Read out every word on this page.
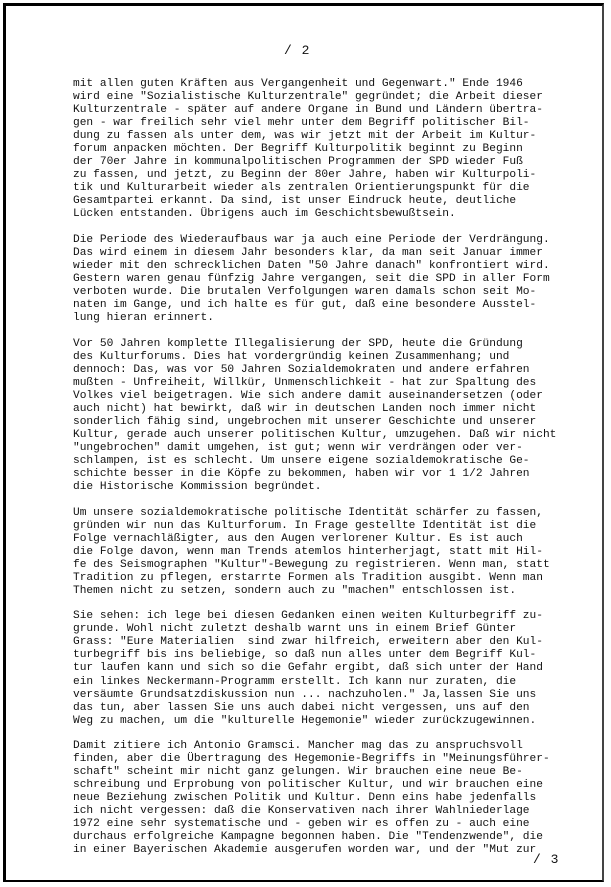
/ 2

mit allen guten Kräften aus Vergangenheit und Gegenwart." Ende 1946
wird eine "Sozialistische Kulturzentrale" gegründet; die Arbeit dieser
Kulturzentrale - später auf andere Organe in Bund und Ländern übertra-
gen - war freilich sehr viel mehr unter dem Begriff politischer Bil-
dung zu fassen als unter dem, was wir jetzt mit der Arbeit im Kultur-
forum anpacken möchten. Der Begriff Kulturpolitik beginnt zu Beginn
der 70er Jahre in kommunalpolitischen Programmen der SPD wieder Fuß
zu fassen, und jetzt, zu Beginn der 80er Jahre, haben wir Kulturpoli-
tik und Kulturarbeit wieder als zentralen Orientierungspunkt für die
Gesamtpartei erkannt. Da sind, ist unser Eindruck heute, deutliche
Lücken entstanden. Übrigens auch im Geschichtsbewußtsein.

Die Periode des Wiederaufbaus war ja auch eine Periode der Verdrängung.
Das wird einem in diesem Jahr besonders klar, da man seit Januar immer
wieder mit den schrecklichen Daten "50 Jahre danach" konfrontiert wird.
Gestern waren genau fünfzig Jahre vergangen, seit die SPD in aller Form
verboten wurde. Die brutalen Verfolgungen waren damals schon seit Mo-
naten im Gange, und ich halte es für gut, daß eine besondere Ausstel-
lung hieran erinnert.

Vor 50 Jahren komplette Illegalisierung der SPD, heute die Gründung
des Kulturforums. Dies hat vordergründig keinen Zusammenhang; und
dennoch: Das, was vor 50 Jahren Sozialdemokraten und andere erfahren
mußten - Unfreiheit, Willkür, Unmenschlichkeit - hat zur Spaltung des
Volkes viel beigetragen. Wie sich andere damit auseinandersetzen (oder
auch nicht) hat bewirkt, daß wir in deutschen Landen noch immer nicht
sonderlich fähig sind, ungebrochen mit unserer Geschichte und unserer
Kultur, gerade auch unserer politischen Kultur, umzugehen. Daß wir nicht
"ungebrochen" damit umgehen, ist gut; wenn wir verdrängen oder ver-
schlampen, ist es schlecht. Um unsere eigene sozialdemokratische Ge-
schichte besser in die Köpfe zu bekommen, haben wir vor 1 1/2 Jahren
die Historische Kommission begründet.

Um unsere sozialdemokratische politische Identität schärfer zu fassen,
gründen wir nun das Kulturforum. In Frage gestellte Identität ist die
Folge vernachläßigter, aus den Augen verlorener Kultur. Es ist auch
die Folge davon, wenn man Trends atemlos hinterherjagt, statt mit Hil-
fe des Seismographen "Kultur"-Bewegung zu registrieren. Wenn man, statt
Tradition zu pflegen, erstarrte Formen als Tradition ausgibt. Wenn man
Themen nicht zu setzen, sondern auch zu "machen" entschlossen ist.

Sie sehen: ich lege bei diesen Gedanken einen weiten Kulturbegriff zu-
grunde. Wohl nicht zuletzt deshalb warnt uns in einem Brief Günter
Grass: "Eure Materialien  sind zwar hilfreich, erweitern aber den Kul-
turbegriff bis ins beliebige, so daß nun alles unter dem Begriff Kul-
tur laufen kann und sich so die Gefahr ergibt, daß sich unter der Hand
ein linkes Neckermann-Programm erstellt. Ich kann nur zuraten, die
versäumte Grundsatzdiskussion nun ... nachzuholen." Ja,lassen Sie uns
das tun, aber lassen Sie uns auch dabei nicht vergessen, uns auf den
Weg zu machen, um die "kulturelle Hegemonie" wieder zurückzugewinnen.

Damit zitiere ich Antonio Gramsci. Mancher mag das zu anspruchsvoll
finden, aber die Übertragung des Hegemonie-Begriffs in "Meinungsführer-
schaft" scheint mir nicht ganz gelungen. Wir brauchen eine neue Be-
schreibung und Erprobung von politischer Kultur, und wir brauchen eine
neue Beziehung zwischen Politik und Kultur. Denn eins habe jedenfalls
ich nicht vergessen: daß die Konservativen nach ihrer Wahlniederlage
1972 eine sehr systematische und - geben wir es offen zu - auch eine
durchaus erfolgreiche Kampagne begonnen haben. Die "Tendenzwende", die
in einer Bayerischen Akademie ausgerufen worden war, und der "Mut zur

/ 3
